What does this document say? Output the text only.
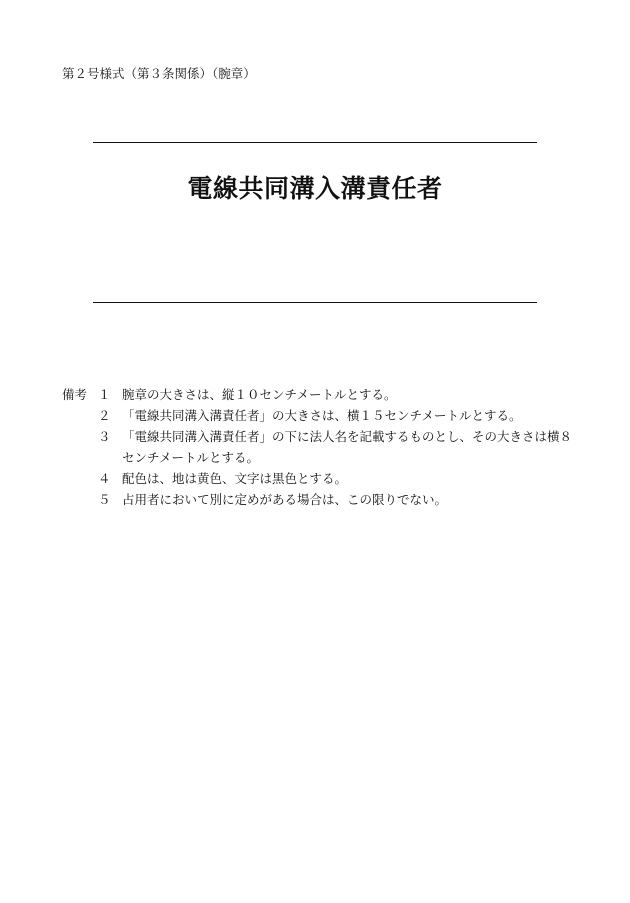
第２号様式（第３条関係）（腕章）
電線共同溝入溝責任者
備考 １ 腕章の大きさは、縦１０センチメートルとする。
２ 「電線共同溝入溝責任者」の大きさは、横１５センチメートルとする。
３ 「電線共同溝入溝責任者」の下に法人名を記載するものとし、その大きさは横８センチメートルとする。
４ 配色は、地は黄色、文字は黒色とする。
５ 占用者において別に定めがある場合は、この限りでない。
